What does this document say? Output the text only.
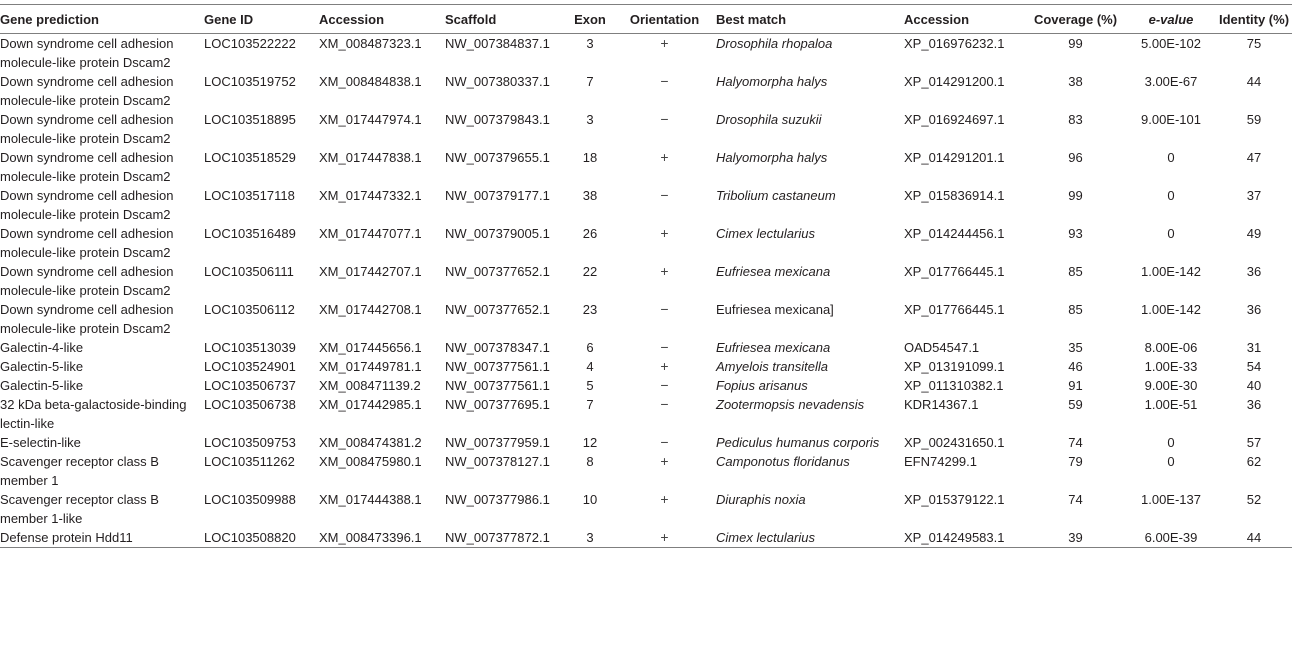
Gene prediction	Gene ID	Accession	Scaffold	Exon	Orientation	Best match	Accession	Coverage (%)	e-value	Identity (%)
Down syndrome cell adhesion molecule-like protein Dscam2	LOC103522222	XM_008487323.1	NW_007384837.1	3	+	Drosophila rhopaloa	XP_016976232.1	99	5.00E-102	75
Down syndrome cell adhesion molecule-like protein Dscam2	LOC103519752	XM_008484838.1	NW_007380337.1	7	−	Halyomorpha halys	XP_014291200.1	38	3.00E-67	44
Down syndrome cell adhesion molecule-like protein Dscam2	LOC103518895	XM_017447974.1	NW_007379843.1	3	−	Drosophila suzukii	XP_016924697.1	83	9.00E-101	59
Down syndrome cell adhesion molecule-like protein Dscam2	LOC103518529	XM_017447838.1	NW_007379655.1	18	+	Halyomorpha halys	XP_014291201.1	96	0	47
Down syndrome cell adhesion molecule-like protein Dscam2	LOC103517118	XM_017447332.1	NW_007379177.1	38	−	Tribolium castaneum	XP_015836914.1	99	0	37
Down syndrome cell adhesion molecule-like protein Dscam2	LOC103516489	XM_017447077.1	NW_007379005.1	26	+	Cimex lectularius	XP_014244456.1	93	0	49
Down syndrome cell adhesion molecule-like protein Dscam2	LOC103506111	XM_017442707.1	NW_007377652.1	22	+	Eufriesea mexicana	XP_017766445.1	85	1.00E-142	36
Down syndrome cell adhesion molecule-like protein Dscam2	LOC103506112	XM_017442708.1	NW_007377652.1	23	−	Eufriesea mexicana]	XP_017766445.1	85	1.00E-142	36
Galectin-4-like	LOC103513039	XM_017445656.1	NW_007378347.1	6	−	Eufriesea mexicana	OAD54547.1	35	8.00E-06	31
Galectin-5-like	LOC103524901	XM_017449781.1	NW_007377561.1	4	+	Amyelois transitella	XP_013191099.1	46	1.00E-33	54
Galectin-5-like	LOC103506737	XM_008471139.2	NW_007377561.1	5	−	Fopius arisanus	XP_011310382.1	91	9.00E-30	40
32 kDa beta-galactoside-binding lectin-like	LOC103506738	XM_017442985.1	NW_007377695.1	7	−	Zootermopsis nevadensis	KDR14367.1	59	1.00E-51	36
E-selectin-like	LOC103509753	XM_008474381.2	NW_007377959.1	12	−	Pediculus humanus corporis	XP_002431650.1	74	0	57
Scavenger receptor class B member 1	LOC103511262	XM_008475980.1	NW_007378127.1	8	+	Camponotus floridanus	EFN74299.1	79	0	62
Scavenger receptor class B member 1-like	LOC103509988	XM_017444388.1	NW_007377986.1	10	+	Diuraphis noxia	XP_015379122.1	74	1.00E-137	52
Defense protein Hdd11	LOC103508820	XM_008473396.1	NW_007377872.1	3	+	Cimex lectularius	XP_014249583.1	39	6.00E-39	44
